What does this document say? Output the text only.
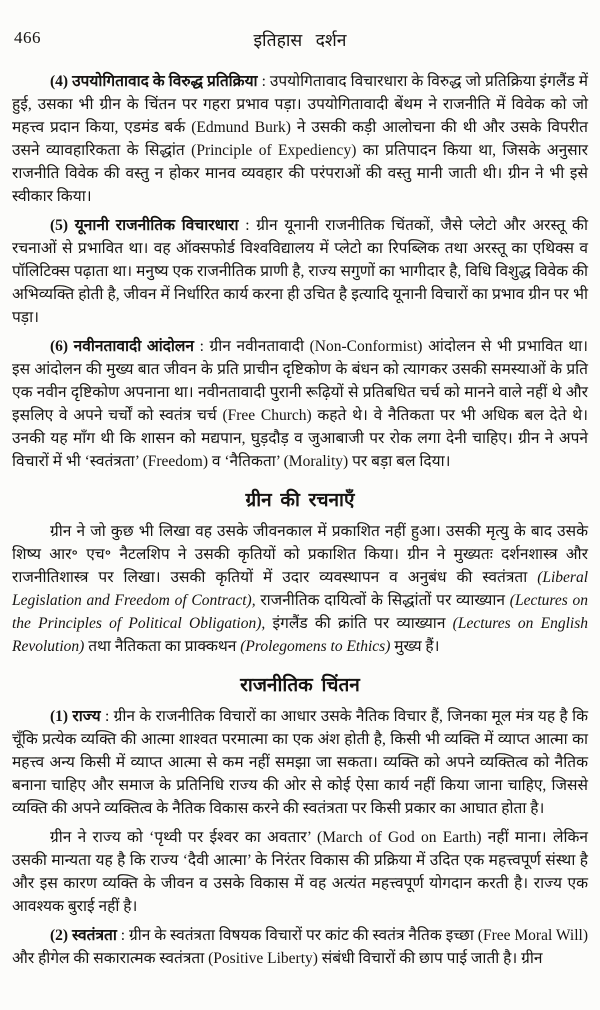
466	इतिहास दर्शन

(4) उपयोगितावाद के विरुद्ध प्रतिक्रिया : उपयोगितावाद विचारधारा के विरुद्ध जो प्रतिक्रिया इंगलैंड में हुई, उसका भी ग्रीन के चिंतन पर गहरा प्रभाव पड़ा। उपयोगितावादी बेंथम ने राजनीति में विवेक को जो महत्त्व प्रदान किया, एडमंड बर्क (Edmund Burk) ने उसकी कड़ी आलोचना की थी और उसके विपरीत उसने व्यावहारिकता के सिद्धांत (Principle of Expediency) का प्रतिपादन किया था, जिसके अनुसार राजनीति विवेक की वस्तु न होकर मानव व्यवहार की परंपराओं की वस्तु मानी जाती थी। ग्रीन ने भी इसे स्वीकार किया।

(5) यूनानी राजनीतिक विचारधारा : ग्रीन यूनानी राजनीतिक चिंतकों, जैसे प्लेटो और अरस्तू की रचनाओं से प्रभावित था। वह ऑक्सफोर्ड विश्वविद्यालय में प्लेटो का रिपब्लिक तथा अरस्तू का एथिक्स व पॉलिटिक्स पढ़ाता था। मनुष्य एक राजनीतिक प्राणी है, राज्य सगुणों का भागीदार है, विधि विशुद्ध विवेक की अभिव्यक्ति होती है, जीवन में निर्धारित कार्य करना ही उचित है इत्यादि यूनानी विचारों का प्रभाव ग्रीन पर भी पड़ा।

(6) नवीनतावादी आंदोलन : ग्रीन नवीनतावादी (Non-Conformist) आंदोलन से भी प्रभावित था। इस आंदोलन की मुख्य बात जीवन के प्रति प्राचीन दृष्टिकोण के बंधन को त्यागकर उसकी समस्याओं के प्रति एक नवीन दृष्टिकोण अपनाना था। नवीनतावादी पुरानी रूढ़ियों से प्रतिबधित चर्च को मानने वाले नहीं थे और इसलिए वे अपने चर्चों को स्वतंत्र चर्च (Free Church) कहते थे। वे नैतिकता पर भी अधिक बल देते थे। उनकी यह माँग थी कि शासन को मद्यपान, घुड़दौड़ व जुआबाजी पर रोक लगा देनी चाहिए। ग्रीन ने अपने विचारों में भी ‘स्वतंत्रता’ (Freedom) व ‘नैतिकता’ (Morality) पर बड़ा बल दिया।

ग्रीन की रचनाएँ

ग्रीन ने जो कुछ भी लिखा वह उसके जीवनकाल में प्रकाशित नहीं हुआ। उसकी मृत्यु के बाद उसके शिष्य आर॰ एच॰ नैटलशिप ने उसकी कृतियों को प्रकाशित किया। ग्रीन ने मुख्यतः दर्शनशास्त्र और राजनीतिशास्त्र पर लिखा। उसकी कृतियों में उदार व्यवस्थापन व अनुबंध की स्वतंत्रता (Liberal Legislation and Freedom of Contract), राजनीतिक दायित्वों के सिद्धांतों पर व्याख्यान (Lectures on the Principles of Political Obligation), इंगलैंड की क्रांति पर व्याख्यान (Lectures on English Revolution) तथा नैतिकता का प्राक्कथन (Prolegomens to Ethics) मुख्य हैं।

राजनीतिक चिंतन

(1) राज्य : ग्रीन के राजनीतिक विचारों का आधार उसके नैतिक विचार हैं, जिनका मूल मंत्र यह है कि चूँकि प्रत्येक व्यक्ति की आत्मा शाश्वत परमात्मा का एक अंश होती है, किसी भी व्यक्ति में व्याप्त आत्मा का महत्त्व अन्य किसी में व्याप्त आत्मा से कम नहीं समझा जा सकता। व्यक्ति को अपने व्यक्तित्व को नैतिक बनाना चाहिए और समाज के प्रतिनिधि राज्य की ओर से कोई ऐसा कार्य नहीं किया जाना चाहिए, जिससे व्यक्ति की अपने व्यक्तित्व के नैतिक विकास करने की स्वतंत्रता पर किसी प्रकार का आघात होता है।

ग्रीन ने राज्य को ‘पृथ्वी पर ईश्वर का अवतार’ (March of God on Earth) नहीं माना। लेकिन उसकी मान्यता यह है कि राज्य ‘दैवी आत्मा’ के निरंतर विकास की प्रक्रिया में उदित एक महत्त्वपूर्ण संस्था है और इस कारण व्यक्ति के जीवन व उसके विकास में वह अत्यंत महत्त्वपूर्ण योगदान करती है। राज्य एक आवश्यक बुराई नहीं है।

(2) स्वतंत्रता : ग्रीन के स्वतंत्रता विषयक विचारों पर कांट की स्वतंत्र नैतिक इच्छा (Free Moral Will) और हीगेल की सकारात्मक स्वतंत्रता (Positive Liberty) संबंधी विचारों की छाप पाई जाती है। ग्रीन
